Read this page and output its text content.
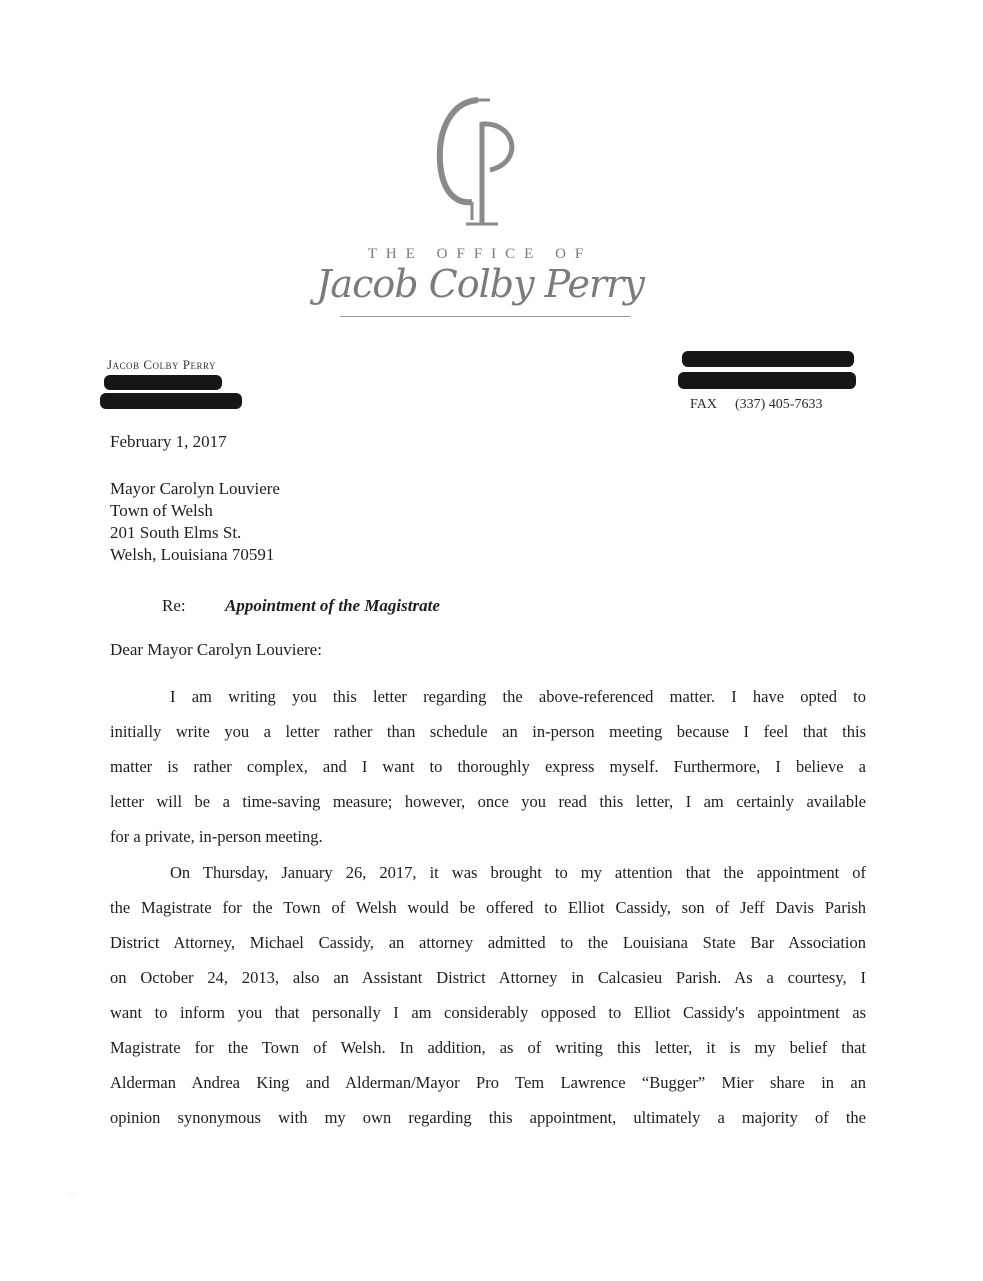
THE OFFICE OF
Jacob Colby Perry
Jacob Colby Perry
FAX (337) 405-7633
February 1, 2017
Mayor Carolyn Louviere
Town of Welsh
201 South Elms St.
Welsh, Louisiana 70591
Re: Appointment of the Magistrate
Dear Mayor Carolyn Louviere:
I am writing you this letter regarding the above-referenced matter. I have opted to
initially write you a letter rather than schedule an in-person meeting because I feel that this
matter is rather complex, and I want to thoroughly express myself. Furthermore, I believe a
letter will be a time-saving measure; however, once you read this letter, I am certainly available
for a private, in-person meeting.
On Thursday, January 26, 2017, it was brought to my attention that the appointment of
the Magistrate for the Town of Welsh would be offered to Elliot Cassidy, son of Jeff Davis Parish
District Attorney, Michael Cassidy, an attorney admitted to the Louisiana State Bar Association
on October 24, 2013, also an Assistant District Attorney in Calcasieu Parish. As a courtesy, I
want to inform you that personally I am considerably opposed to Elliot Cassidy's appointment as
Magistrate for the Town of Welsh. In addition, as of writing this letter, it is my belief that
Alderman Andrea King and Alderman/Mayor Pro Tem Lawrence “Bugger” Mier share in an
opinion synonymous with my own regarding this appointment, ultimately a majority of the
· ·
